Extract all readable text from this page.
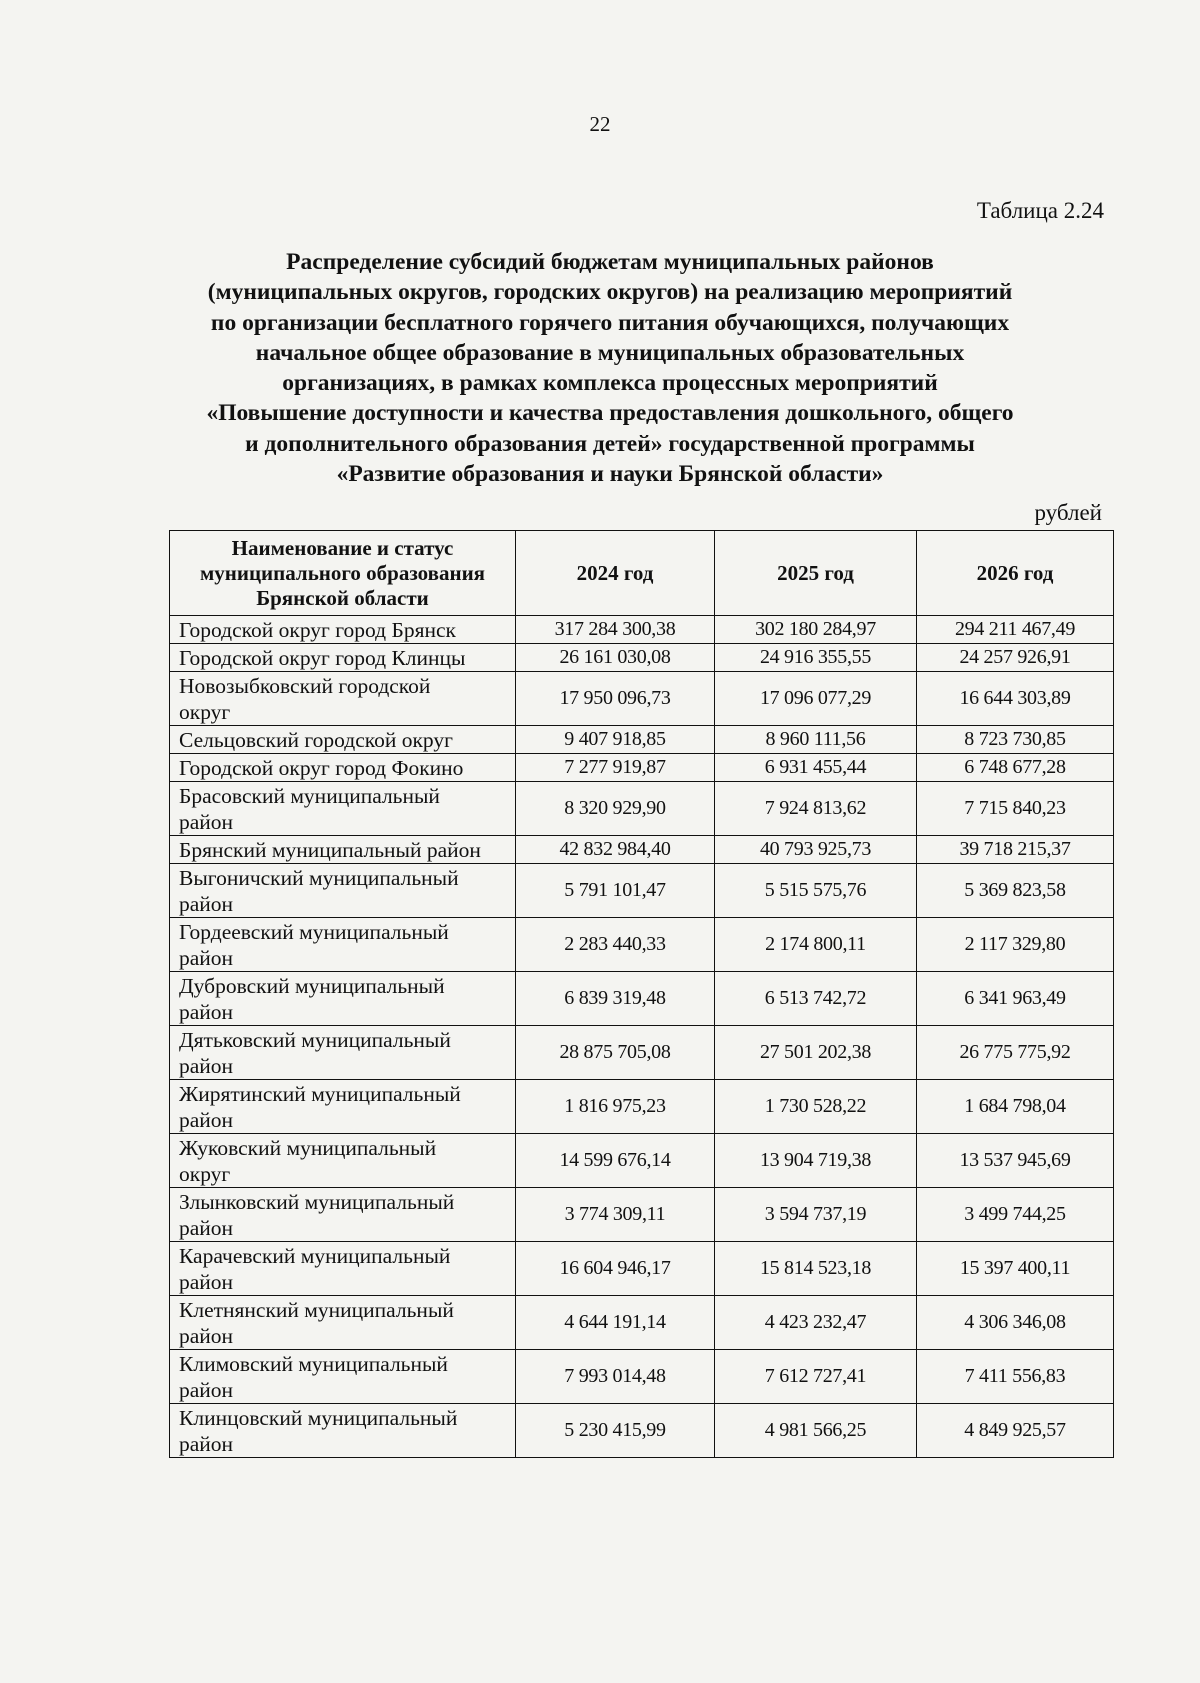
22
Таблица 2.24
Распределение субсидий бюджетам муниципальных районов
(муниципальных округов, городских округов) на реализацию мероприятий
по организации бесплатного горячего питания обучающихся, получающих
начальное общее образование в муниципальных образовательных
организациях, в рамках комплекса процессных мероприятий
«Повышение доступности и качества предоставления дошкольного, общего
и дополнительного образования детей» государственной программы
«Развитие образования и науки Брянской области»
рублей
Наименование и статус
муниципального образования
Брянской области	2024 год	2025 год	2026 год
Городской округ город Брянск	317 284 300,38	302 180 284,97	294 211 467,49
Городской округ город Клинцы	26 161 030,08	24 916 355,55	24 257 926,91
Новозыбковский городской
округ	17 950 096,73	17 096 077,29	16 644 303,89
Сельцовский городской округ	9 407 918,85	8 960 111,56	8 723 730,85
Городской округ город Фокино	7 277 919,87	6 931 455,44	6 748 677,28
Брасовский муниципальный
район	8 320 929,90	7 924 813,62	7 715 840,23
Брянский муниципальный район	42 832 984,40	40 793 925,73	39 718 215,37
Выгоничский муниципальный
район	5 791 101,47	5 515 575,76	5 369 823,58
Гордеевский муниципальный
район	2 283 440,33	2 174 800,11	2 117 329,80
Дубровский муниципальный
район	6 839 319,48	6 513 742,72	6 341 963,49
Дятьковский муниципальный
район	28 875 705,08	27 501 202,38	26 775 775,92
Жирятинский муниципальный
район	1 816 975,23	1 730 528,22	1 684 798,04
Жуковский муниципальный
округ	14 599 676,14	13 904 719,38	13 537 945,69
Злынковский муниципальный
район	3 774 309,11	3 594 737,19	3 499 744,25
Карачевский муниципальный
район	16 604 946,17	15 814 523,18	15 397 400,11
Клетнянский муниципальный
район	4 644 191,14	4 423 232,47	4 306 346,08
Климовский муниципальный
район	7 993 014,48	7 612 727,41	7 411 556,83
Клинцовский муниципальный
район	5 230 415,99	4 981 566,25	4 849 925,57
